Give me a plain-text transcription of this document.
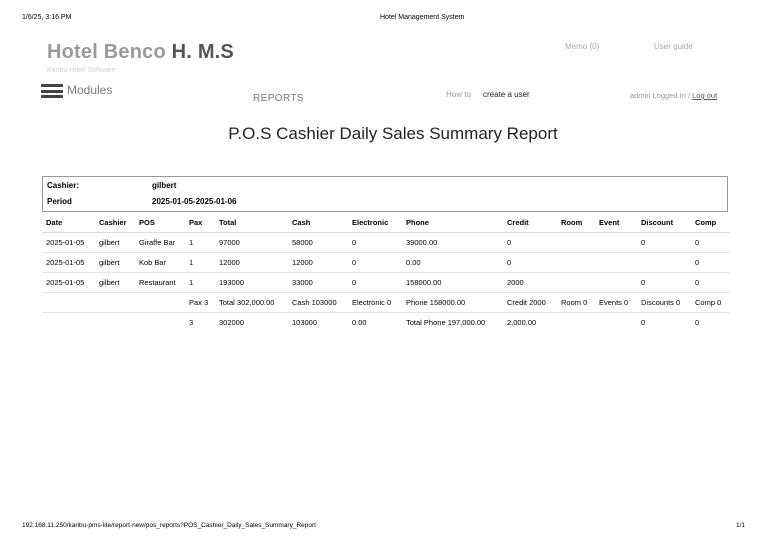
1/6/25, 3:16 PM	Hotel Management System
Hotel Benco H. M.S
Karibu Hotel Software
Memo (0)	User guide
Modules
REPORTS	How to create a user	admin Logged In / Log out
P.O.S Cashier Daily Sales Summary Report
Cashier:	gilbert
Period	2025-01-05-2025-01-06
Date	Cashier	POS	Pax	Total	Cash	Electronic	Phone	Credit	Room	Event	Discount	Comp
2025-01-05	gilbert	Giraffe Bar	1	97000	58000	0	39000.00	0			0	0
2025-01-05	gilbert	Kob Bar	1	12000	12000	0	0.00	0				0
2025-01-05	gilbert	Restaurant	1	193000	33000	0	158000.00	2000			0	0
			Pax 3	Total 302,000.00	Cash 103000	Electronic 0	Phone 158000.00	Credit 2000	Room 0	Events 0	Discounts 0	Comp 0
			3	302000	103000	0.00	Total Phone 197,000.00	2,000.00			0	0
192.168.11.250/karibu-pms-lite/report-new/pos_reports?POS_Cashier_Daily_Sales_Summary_Report	1/1
